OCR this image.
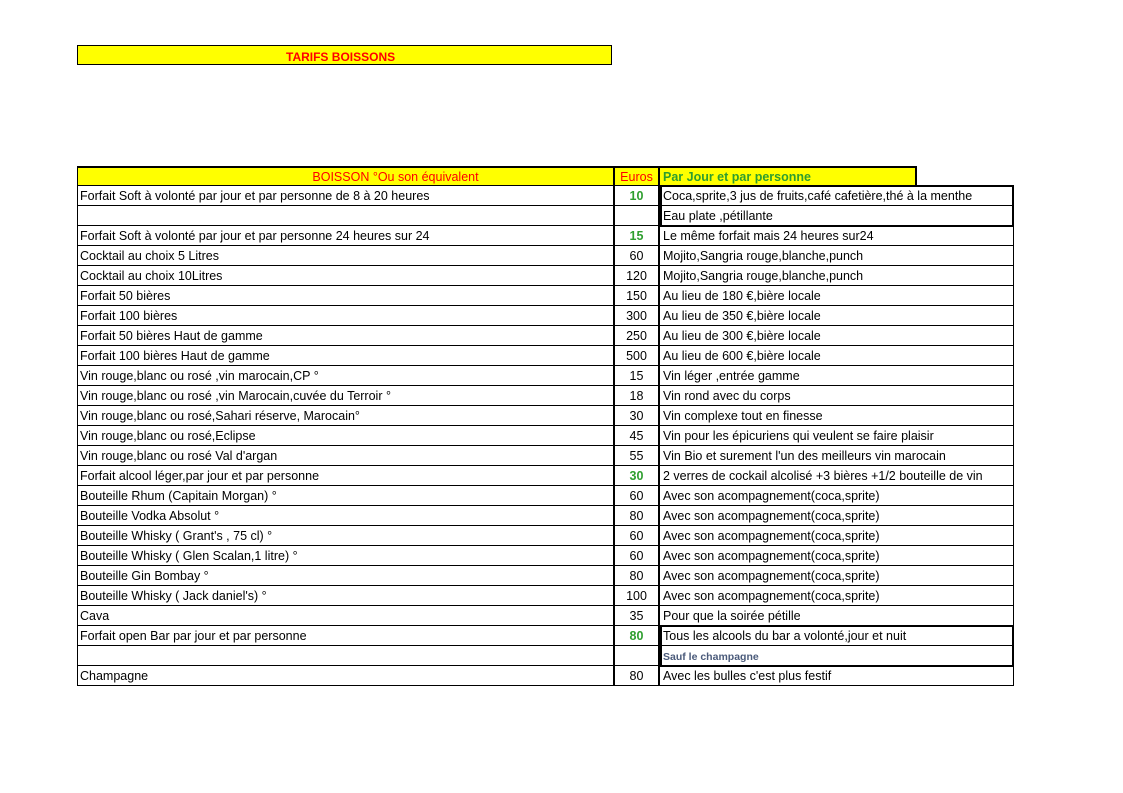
TARIFS BOISSONS
BOISSON °Ou son équivalent	Euros Par Jour et par personne
Forfait Soft à volonté par jour et par personne de 8 à 20 heures	10	Coca,sprite,3 jus de fruits,café cafetière,thé à la menthe
Eau plate ,pétillante
Forfait Soft à volonté par jour et par personne 24 heures sur 24	15	Le même forfait mais 24 heures sur24
Cocktail au choix 5 Litres	60	Mojito,Sangria rouge,blanche,punch
Cocktail au choix 10Litres	120	Mojito,Sangria rouge,blanche,punch
Forfait 50 bières	150	Au lieu de 180 €,bière locale
Forfait 100 bières	300	Au lieu de 350 €,bière locale
Forfait 50 bières Haut de gamme	250	Au lieu de 300 €,bière locale
Forfait 100 bières Haut de gamme	500	Au lieu de 600 €,bière locale
Vin rouge,blanc ou rosé ,vin marocain,CP °	15	Vin léger ,entrée gamme
Vin rouge,blanc ou rosé ,vin Marocain,cuvée du Terroir °	18	Vin rond avec du corps
Vin rouge,blanc ou rosé,Sahari réserve, Marocain°	30	Vin complexe tout en finesse
Vin rouge,blanc ou rosé,Eclipse	45	Vin pour les épicuriens qui veulent se faire plaisir
Vin rouge,blanc ou rosé Val d'argan	55	Vin Bio et surement l'un des meilleurs vin marocain
Forfait alcool léger,par jour et par personne	30	2 verres de cockail alcolisé +3 bières +1/2 bouteille de vin
Bouteille Rhum (Capitain Morgan) °	60	Avec son acompagnement(coca,sprite)
Bouteille Vodka Absolut °	80	Avec son acompagnement(coca,sprite)
Bouteille Whisky ( Grant's , 75 cl) °	60	Avec son acompagnement(coca,sprite)
Bouteille Whisky ( Glen Scalan,1 litre) °	60	Avec son acompagnement(coca,sprite)
Bouteille Gin Bombay °	80	Avec son acompagnement(coca,sprite)
Bouteille Whisky ( Jack daniel's) °	100	Avec son acompagnement(coca,sprite)
Cava	35	Pour que la soirée pétille
Forfait open Bar par jour et par personne	80	Tous les alcools du bar a volonté,jour et nuit
Sauf le champagne
Champagne	80	Avec les bulles c'est plus festif
